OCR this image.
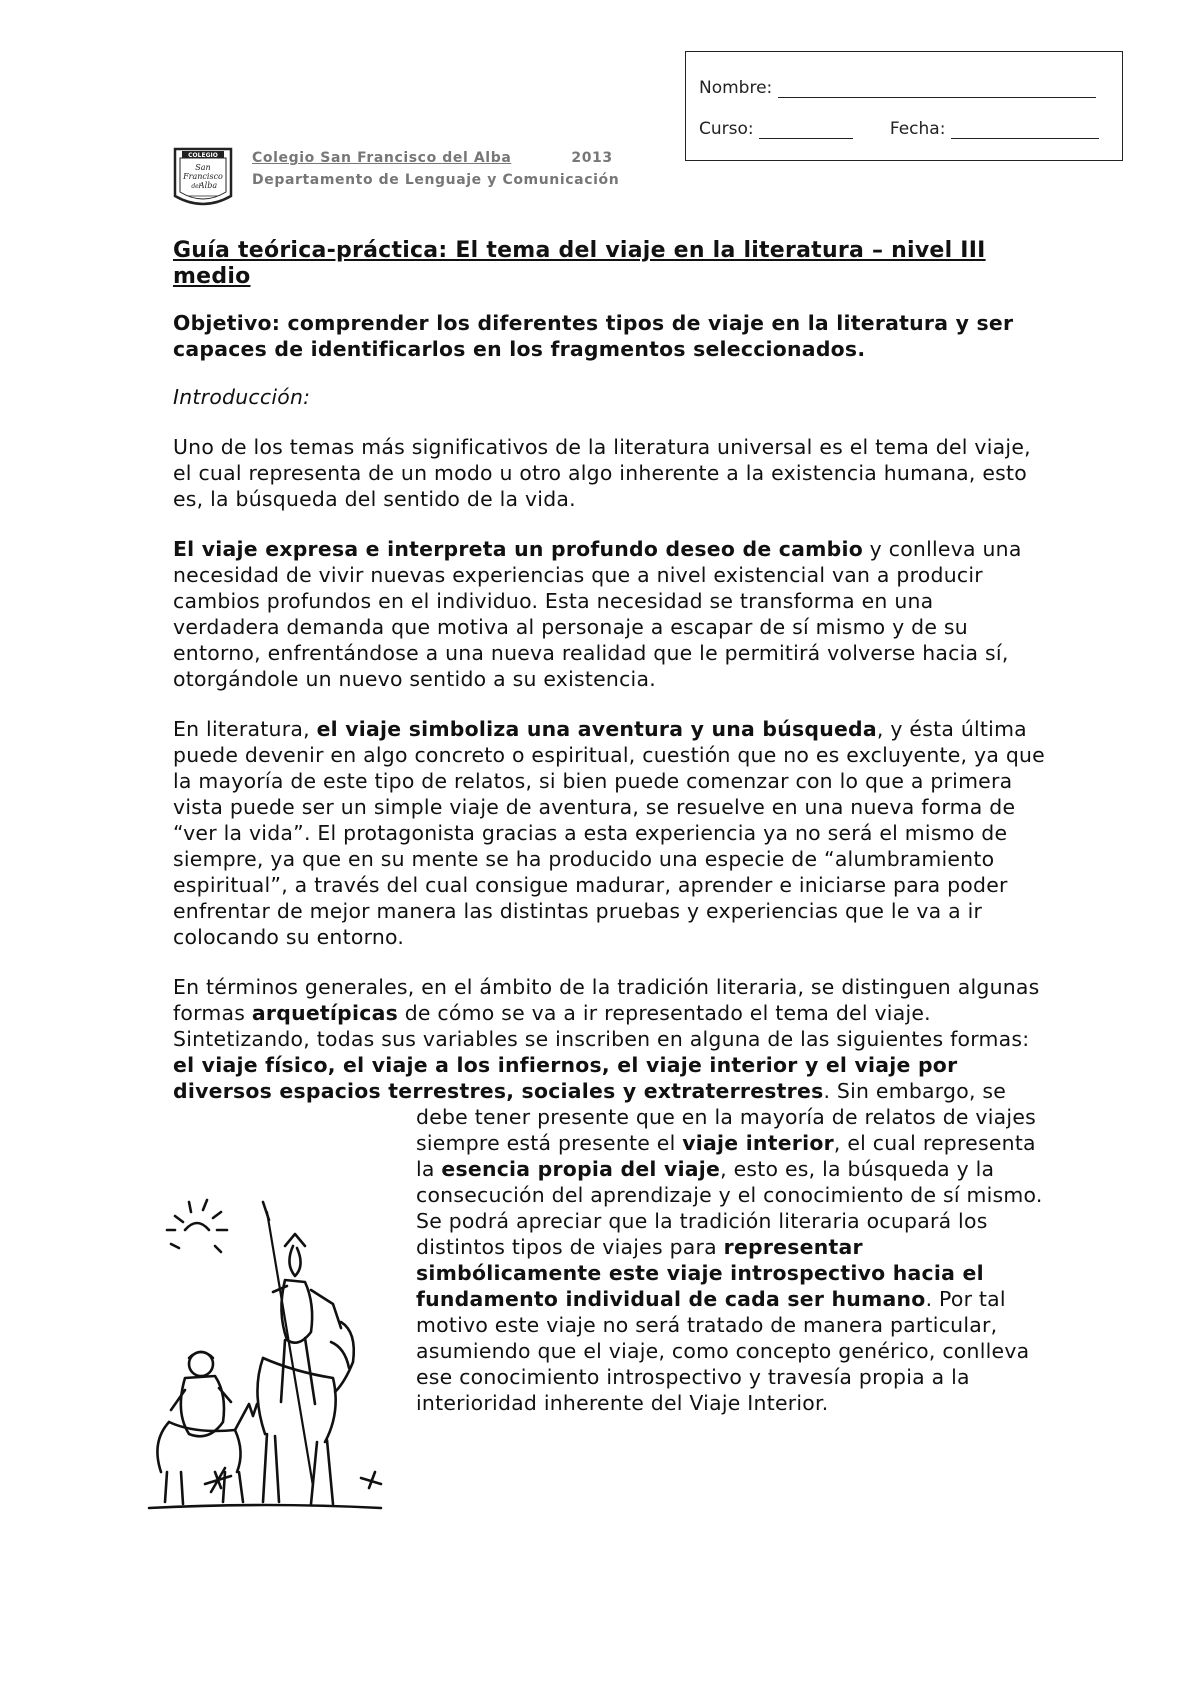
Nombre:
Curso:	Fecha:
COLEGIO
San
Francisco
del
Alba
Colegio San Francisco del Alba	2013
Departamento de Lenguaje y Comunicación

Guía teórica-práctica: El tema del viaje en la literatura – nivel III medio

Objetivo: comprender los diferentes tipos de viaje en la literatura y ser capaces de identificarlos en los fragmentos seleccionados.

Introducción:

Uno de los temas más significativos de la literatura universal es el tema del viaje, el cual representa de un modo u otro algo inherente a la existencia humana, esto es, la búsqueda del sentido de la vida.

El viaje expresa e interpreta un profundo deseo de cambio y conlleva una necesidad de vivir nuevas experiencias que a nivel existencial van a producir cambios profundos en el individuo. Esta necesidad se transforma en una verdadera demanda que motiva al personaje a escapar de sí mismo y de su entorno, enfrentándose a una nueva realidad que le permitirá volverse hacia sí, otorgándole un nuevo sentido a su existencia.

En literatura, el viaje simboliza una aventura y una búsqueda, y ésta última puede devenir en algo concreto o espiritual, cuestión que no es excluyente, ya que la mayoría de este tipo de relatos, si bien puede comenzar con lo que a primera vista puede ser un simple viaje de aventura, se resuelve en una nueva forma de “ver la vida”. El protagonista gracias a esta experiencia ya no será el mismo de siempre, ya que en su mente se ha producido una especie de “alumbramiento espiritual”, a través del cual consigue madurar, aprender e iniciarse para poder enfrentar de mejor manera las distintas pruebas y experiencias que le va a ir colocando su entorno.

En términos generales, en el ámbito de la tradición literaria, se distinguen algunas formas arquetípicas de cómo se va a ir representado el tema del viaje. Sintetizando, todas sus variables se inscriben en alguna de las siguientes formas: el viaje físico, el viaje a los infiernos, el viaje interior y el viaje por diversos espacios terrestres, sociales y extraterrestres
. Sin embargo, se debe tener presente que en la mayoría de relatos de viajes siempre está presente el viaje interior, el cual representa la esencia propia del viaje, esto es, la búsqueda y la consecución del aprendizaje y el conocimiento de sí mismo. Se podrá apreciar que la tradición literaria ocupará los distintos tipos de viajes para representar simbólicamente este viaje introspectivo hacia el fundamento individual de cada ser humano. Por tal motivo este viaje no será tratado de manera particular, asumiendo que el viaje, como concepto genérico, conlleva ese conocimiento introspectivo y travesía propia a la interioridad inherente del Viaje Interior.
